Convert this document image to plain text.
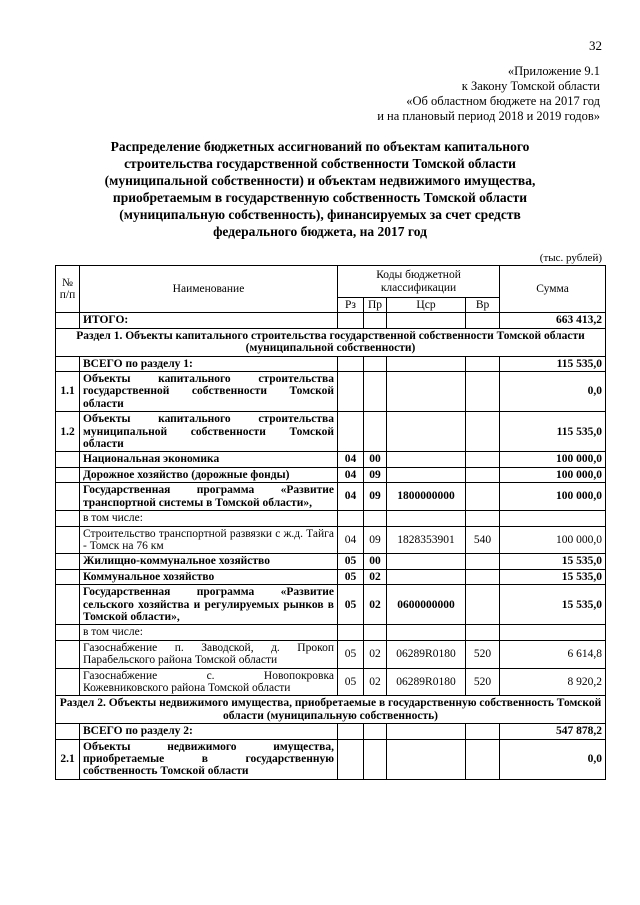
32
«Приложение 9.1
к Закону Томской области
«Об областном бюджете на 2017 год
и на плановый период 2018 и 2019 годов»
Распределение бюджетных ассигнований по объектам капитального
строительства государственной собственности Томской области
(муниципальной собственности) и объектам недвижимого имущества,
приобретаемым в государственную собственность Томской области
(муниципальную собственность), финансируемых за счет средств
федерального бюджета, на 2017 год
(тыс. рублей)
№ п/п	Наименование	Коды бюджетной классификации				Сумма
		Рз	Пр	Цср	Вр	
	ИТОГО:					663 413,2
Раздел 1. Объекты капитального строительства государственной собственности Томской области (муниципальной собственности)						
	ВСЕГО по разделу 1:					115 535,0
1.1	Объекты капитального строительства государственной собственности Томской области					0,0
1.2	Объекты капитального строительства муниципальной собственности Томской области					115 535,0
	Национальная экономика	04	00			100 000,0
	Дорожное хозяйство (дорожные фонды)	04	09			100 000,0
	Государственная программа «Развитие транспортной системы в Томской области»,	04	09	1800000000		100 000,0
	в том числе:					
	Строительство транспортной развязки с ж.д. Тайга - Томск на 76 км	04	09	1828353901	540	100 000,0
	Жилищно-коммунальное хозяйство	05	00			15 535,0
	Коммунальное хозяйство	05	02			15 535,0
	Государственная программа «Развитие сельского хозяйства и регулируемых рынков в Томской области»,	05	02	0600000000		15 535,0
	в том числе:					

	Газоснабжение п. Заводской, д. Прокоп
Парабельского района Томской области	05	02	06289R0180	520	6 614,8

	Газоснабжение с. Новопокровка
Кожевниковского района Томской области	05	02	06289R0180	520	8 920,2
Раздел 2. Объекты недвижимого имущества, приобретаемые в государственную собственность Томской области (муниципальную собственность)						
	ВСЕГО по разделу 2:					547 878,2
2.1	Объекты недвижимого имущества, приобретаемые в государственную собственность Томской области					0,0
